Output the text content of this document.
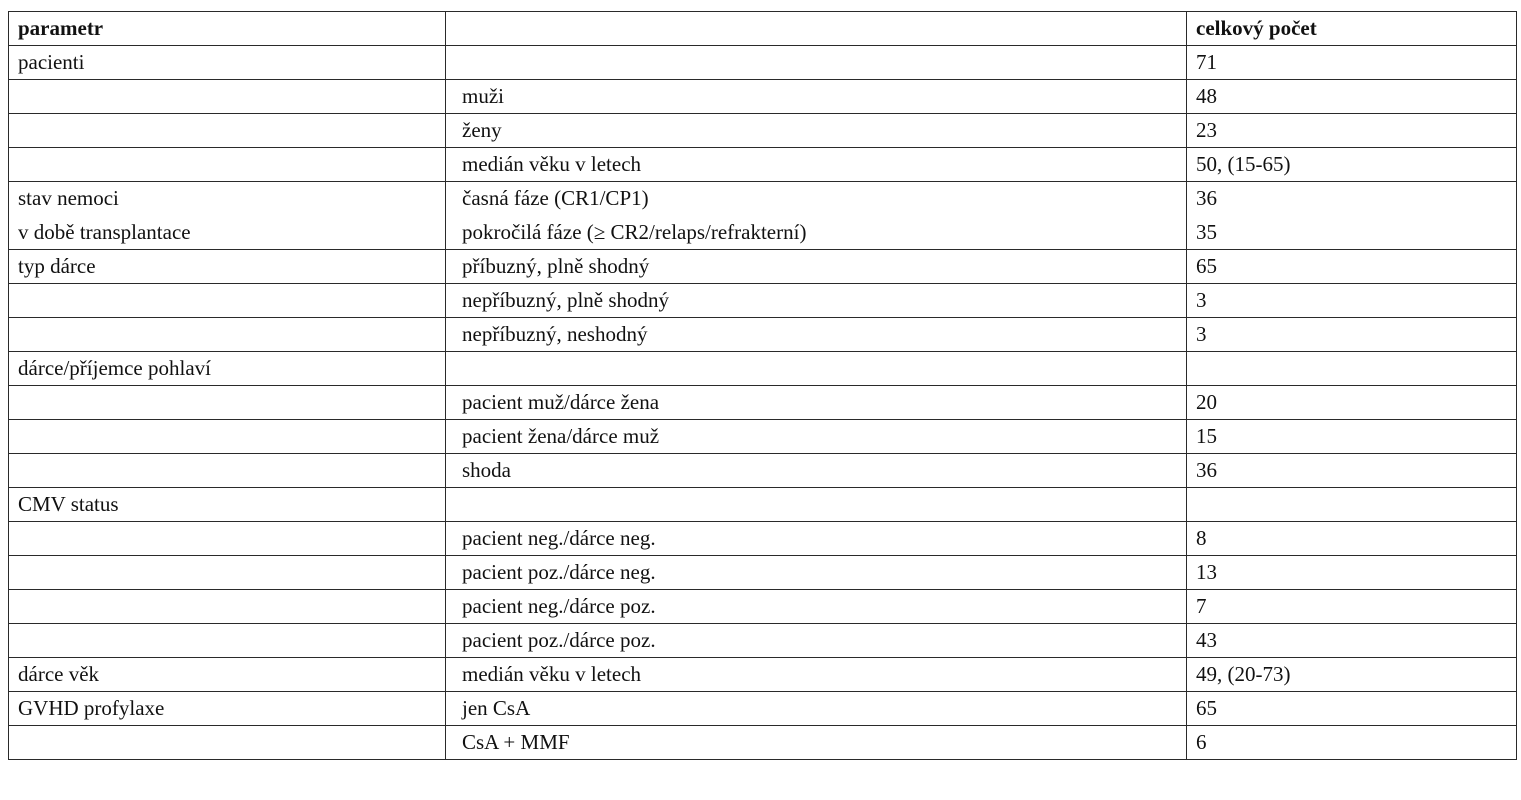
parametr		celkový počet
pacienti		71
	muži	48
	ženy	23
	medián věku v letech	50, (15-65)
stav nemoci	časná fáze (CR1/CP1)	36
v době transplantace	pokročilá fáze (≥ CR2/relaps/refrakterní)	35
typ dárce	příbuzný, plně shodný	65
	nepříbuzný, plně shodný	3
	nepříbuzný, neshodný	3
dárce/příjemce pohlaví		
	pacient muž/dárce žena	20
	pacient žena/dárce muž	15
	shoda	36
CMV status		
	pacient neg./dárce neg.	8
	pacient poz./dárce neg.	13
	pacient neg./dárce poz.	7
	pacient poz./dárce poz.	43
dárce věk	medián věku v letech	49, (20-73)
GVHD profylaxe	jen CsA	65
	CsA + MMF	6
